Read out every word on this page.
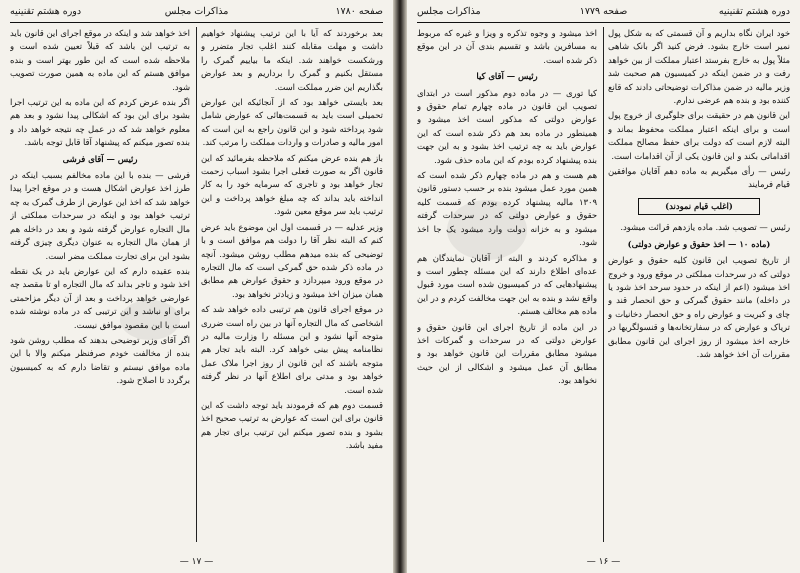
صفحه ۱۷۸۰
مذاکرات مجلس
دوره هشتم تقنینیه

بعد برخوردند که آیا با این ترتیب پیشنهاد خواهیم داشت و مهلت مقابله کنند اغلب تجار متضرر و ورشکست خواهند شد. اینکه ما بیاییم گمرک را مستقل بکنیم و گمرک را برداریم و بعد عوارض بگذاریم این ضرر مملکت است.

بعد بایستی خواهد بود که از آنجائیکه این عوارض تحمیلی است باید به قسمت‌هائی که عوارض شامل شود پرداخته شود و این قانون راجع به این است که امور مالیه و صادرات و واردات مملکت را مرتب کند.

باز هم بنده عرض میکنم که ملاحظه بفرمائید که این قانون اگر به صورت فعلی اجرا بشود اسباب زحمت تجار خواهد بود و تاجری که سرمایه خود را به کار انداخته باید بداند که چه مبلغ خواهد پرداخت و این ترتیب باید سر موقع معین شود.

وزیر عدلیه — در قسمت اول این موضوع باید عرض کنم که البته نظر آقا را دولت هم موافق است و با توضیحی که بنده میدهم مطلب روشن میشود. آنچه در ماده ذکر شده حق گمرکی است که مال التجاره در موقع ورود میپردازد و حقوق عوارض هم مطابق همان میزان اخذ میشود و زیادتر نخواهد بود.

در موقع اجرای قانون هم ترتیبی داده خواهد شد که اشخاصی که مال التجاره آنها در بین راه است ضرری متوجه آنها نشود و این مسئله را وزارت مالیه در نظامنامه پیش بینی خواهد کرد. البته باید تجار هم متوجه باشند که این قانون از روز اجرا ملاک عمل خواهد بود و مدتی برای اطلاع آنها در نظر گرفته شده است.

قسمت دوم هم که فرمودند باید توجه داشت که این قانون برای این است که عوارض به ترتیب صحیح اخذ بشود و بنده تصور میکنم این ترتیب برای تجار هم مفید باشد.

اخذ خواهد شد و اینکه در موقع اجرای این قانون باید به ترتیب این باشد که قبلاً تعیین شده است و ملاحظه شده است که این طور بهتر است و بنده موافق هستم که این ماده به همین صورت تصویب شود.

اگر بنده عرض کردم که این ماده به این ترتیب اجرا بشود برای این بود که اشکالی پیدا نشود و بعد هم معلوم خواهد شد که در عمل چه نتیجه خواهد داد و بنده تصور میکنم که پیشنهاد آقا قابل توجه باشد.

رئیس — آقای فرشی

فرشی — بنده با این ماده مخالفم بسبب اینکه در طرز اخذ عوارض اشکال هست و در موقع اجرا پیدا خواهد شد که اخذ این عوارض از طرف گمرک به چه ترتیب خواهد بود و اینکه در سرحدات مملکتی از مال التجاره عوارض گرفته شود و بعد در داخله هم از همان مال التجاره به عنوان دیگری چیزی گرفته بشود این برای تجارت مملکت مضر است.

بنده عقیده دارم که این عوارض باید در یک نقطه اخذ شود و تاجر بداند که مال التجاره او تا مقصد چه عوارضی خواهد پرداخت و بعد از آن دیگر مزاحمتی برای او نباشد و این ترتیبی که در ماده نوشته شده است با این مقصود موافق نیست.

اگر آقای وزیر توضیحی بدهند که مطلب روشن شود بنده از مخالفت خودم صرفنظر میکنم والا با این ماده موافق نیستم و تقاضا دارم که به کمیسیون برگردد تا اصلاح شود.

— ۱۷ —
دوره هشتم تقنینیه
صفحه ۱۷۷۹
مذاکرات مجلس

خود ایران نگاه بداریم و آن قسمتی که به شکل پول نمیر است خارج بشود. فرض کنید اگر بانک شاهی مثلاً پول به خارج بفرستد اعتبار مملکت از بین خواهد رفت و در ضمن اینکه در کمیسیون هم صحبت شد وزیر مالیه در ضمن مذاکرات توضیحاتی دادند که قانع کننده بود و بنده هم عرضی ندارم.

این قانون هم در حقیقت برای جلوگیری از خروج پول است و برای اینکه اعتبار مملکت محفوظ بماند و البته لازم است که دولت برای حفظ مصالح مملکت اقداماتی بکند و این قانون یکی از آن اقدامات است.

رئیس — رأی میگیریم به ماده دهم آقایان موافقین قیام فرمایند

(اغلب قیام نمودند)

رئیس — تصویب شد. ماده یازدهم قرائت میشود.

(ماده ۱۰ — اخذ حقوق و عوارض دولتی)

از تاریخ تصویب این قانون کلیه حقوق و عوارض دولتی که در سرحدات مملکتی در موقع ورود و خروج اخذ میشود (اعم از اینکه در حدود سرحد اخذ شود یا در داخله) مانند حقوق گمرکی و حق انحصار قند و چای و کبریت و عوارض راه و حق انحصار دخانیات و تریاک و عوارض که در سفارتخانه‌ها و قنسولگریها در خارجه اخذ میشود از روز اجرای این قانون مطابق مقررات آن اخذ خواهد شد.

اخذ میشود و وجوه تذکره و ویزا و غیره که مربوط به مسافرین باشد و تقسیم بندی آن در این موقع ذکر شده است.

رئیس — آقای کیا

کیا توری — در ماده دوم مذکور است در ابتدای تصویب این قانون در ماده چهارم تمام حقوق و عوارض دولتی که مذکور است اخذ میشود و همینطور در ماده بعد هم ذکر شده است که این عوارض باید به چه ترتیب اخذ بشود و به این جهت بنده پیشنهاد کرده بودم که این ماده حذف شود.

هم هست و هم در ماده چهارم ذکر شده است که همین مورد عمل میشود بنده بر حسب دستور قانون ۱۳۰۹ مالیه پیشنهاد کرده بودم که قسمت کلیه حقوق و عوارض دولتی که در سرحدات گرفته میشود و به خزانه دولت وارد میشود یک جا اخذ شود.

و مذاکره کردند و البته از آقایان نمایندگان هم عده‌ای اطلاع دارند که این مسئله چطور است و پیشنهادهایی که در کمیسیون شده است مورد قبول واقع نشد و بنده به این جهت مخالفت کردم و در این ماده هم مخالف هستم.

در این ماده از تاریخ اجرای این قانون حقوق و عوارض دولتی که در سرحدات و گمرکات اخذ میشود مطابق مقررات این قانون خواهد بود و مطابق آن عمل میشود و اشکالی از این حیث نخواهد بود.

— ۱۶ —
